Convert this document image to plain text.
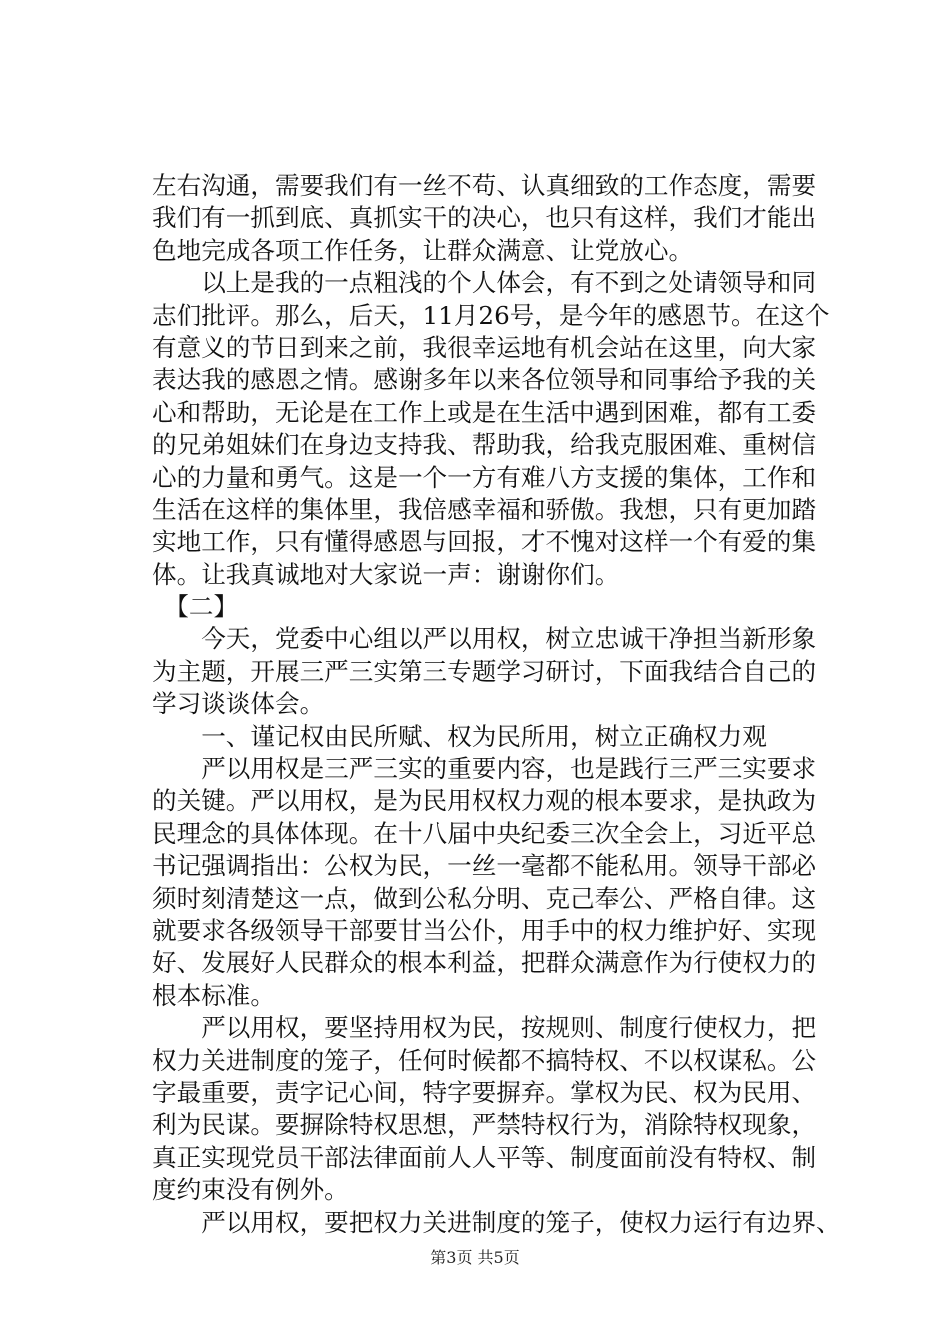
左右沟通，需要我们有一丝不苟、认真细致的工作态度，需要
我们有一抓到底、真抓实干的决心，也只有这样，我们才能出
色地完成各项工作任务，让群众满意、让党放心。
　　以上是我的一点粗浅的个人体会，有不到之处请领导和同
志们批评。那么，后天，11月26号，是今年的感恩节。在这个
有意义的节日到来之前，我很幸运地有机会站在这里，向大家
表达我的感恩之情。感谢多年以来各位领导和同事给予我的关
心和帮助，无论是在工作上或是在生活中遇到困难，都有工委
的兄弟姐妹们在身边支持我、帮助我，给我克服困难、重树信
心的力量和勇气。这是一个一方有难八方支援的集体，工作和
生活在这样的集体里，我倍感幸福和骄傲。我想，只有更加踏
实地工作，只有懂得感恩与回报，才不愧对这样一个有爱的集
体。让我真诚地对大家说一声：谢谢你们。
　【二】
　　今天，党委中心组以严以用权，树立忠诚干净担当新形象
为主题，开展三严三实第三专题学习研讨，下面我结合自己的
学习谈谈体会。
　　一、谨记权由民所赋、权为民所用，树立正确权力观
　　严以用权是三严三实的重要内容，也是践行三严三实要求
的关键。严以用权，是为民用权权力观的根本要求，是执政为
民理念的具体体现。在十八届中央纪委三次全会上，习近平总
书记强调指出：公权为民，一丝一毫都不能私用。领导干部必
须时刻清楚这一点，做到公私分明、克己奉公、严格自律。这
就要求各级领导干部要甘当公仆，用手中的权力维护好、实现
好、发展好人民群众的根本利益，把群众满意作为行使权力的
根本标准。
　　严以用权，要坚持用权为民，按规则、制度行使权力，把
权力关进制度的笼子，任何时候都不搞特权、不以权谋私。公
字最重要，责字记心间，特字要摒弃。掌权为民、权为民用、
利为民谋。要摒除特权思想，严禁特权行为，消除特权现象，
真正实现党员干部法律面前人人平等、制度面前没有特权、制
度约束没有例外。
　　严以用权，要把权力关进制度的笼子，使权力运行有边界、
第3页 共5页
